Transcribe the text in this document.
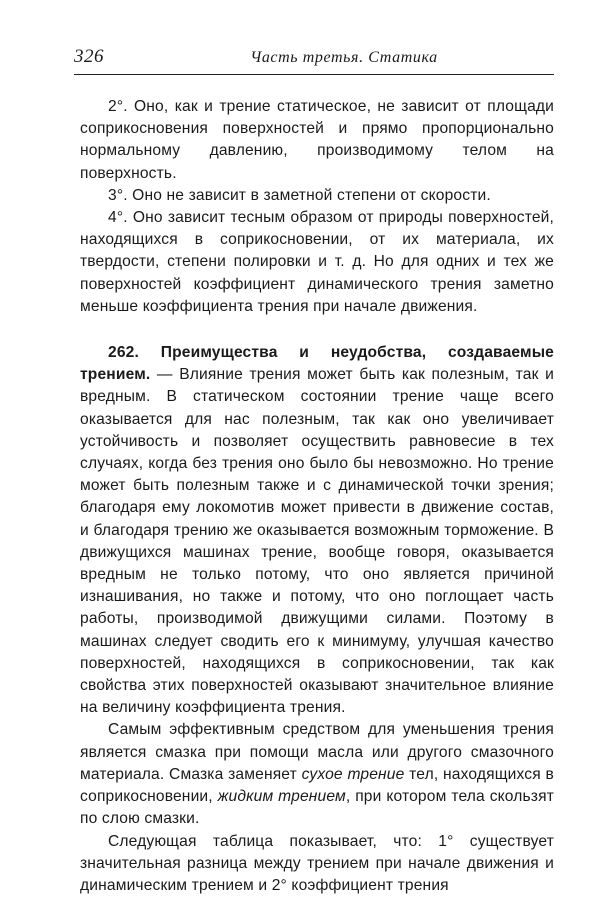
326	Часть третья. Статика

2°. Оно, как и трение статическое, не зависит от площади соприкосновения поверхностей и прямо пропорционально нормальному давлению, производимому телом на поверхность.

3°. Оно не зависит в заметной степени от скорости.

4°. Оно зависит тесным образом от природы поверхностей, находящихся в соприкосновении, от их материала, их твердости, степени полировки и т. д. Но для одних и тех же поверхностей коэффициент динамического трения заметно меньше коэффициента трения при начале движения.

262. Преимущества и неудобства, создаваемые трением. — Влияние трения может быть как полезным, так и вредным. В статическом состоянии трение чаще всего оказывается для нас полезным, так как оно увеличивает устойчивость и позволяет осуществить равновесие в тех случаях, когда без трения оно было бы невозможно. Но трение может быть полезным также и с динамической точки зрения; благодаря ему локомотив может привести в движение состав, и благодаря трению же оказывается возможным торможение. В движущихся машинах трение, вообще говоря, оказывается вредным не только потому, что оно является причиной изнашивания, но также и потому, что оно поглощает часть работы, производимой движущими силами. Поэтому в машинах следует сводить его к минимуму, улучшая качество поверхностей, находящихся в соприкосновении, так как свойства этих поверхностей оказывают значительное влияние на величину коэффициента трения.

Самым эффективным средством для уменьшения трения является смазка при помощи масла или другого смазочного материала. Смазка заменяет сухое трение тел, находящихся в соприкосновении, жидким трением, при котором тела скользят по слою смазки.

Следующая таблица показывает, что: 1° существует значительная разница между трением при начале движения и динамическим трением и 2° коэффициент трения
